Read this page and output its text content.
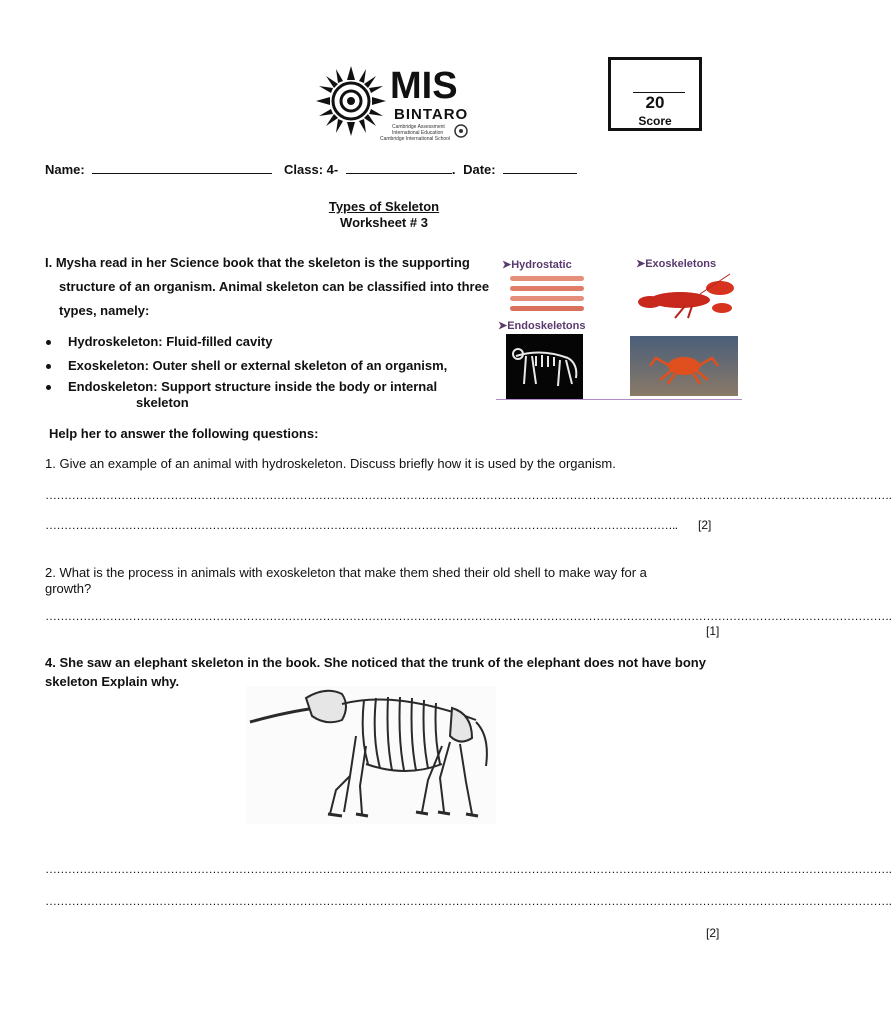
MIS
BINTARO
Cambridge Assessment
International Education
Cambridge International School
20
Score
Name:	Class: 4-	. Date:
Types of Skeleton
Worksheet # 3
I. Mysha read in her Science book that the skeleton is the supporting
structure of an organism. Animal skeleton can be classified into three
types, namely:
Hydroskeleton: Fluid-filled cavity
Exoskeleton: Outer shell or external skeleton of an organism,
Endoskeleton: Support structure inside the body or internal
skeleton
➤Hydrostatic	➤Exoskeletons
➤Endoskeletons
Help her to answer the following questions:
1. Give an example of an animal with hydroskeleton. Discuss briefly how it is used by the organism.
…………………………………………………………………………………………………………………………………………………………………………………………………….
…………………………………………………………………………………………………………………………………………………..	[2]
2. What is the process in animals with exoskeleton that make them shed their old shell to make way for a
growth?
…………………………………………………………………………………………………………………………………………………………………………………………………….
[1]
4. She saw an elephant skeleton in the book. She noticed that the trunk of the elephant does not have bony
skeleton Explain why.
…………………………………………………………………………………………………………………………………………………………………………………………………….
…………………………………………………………………………………………………………………………………………………………………………………………………….
[2]
